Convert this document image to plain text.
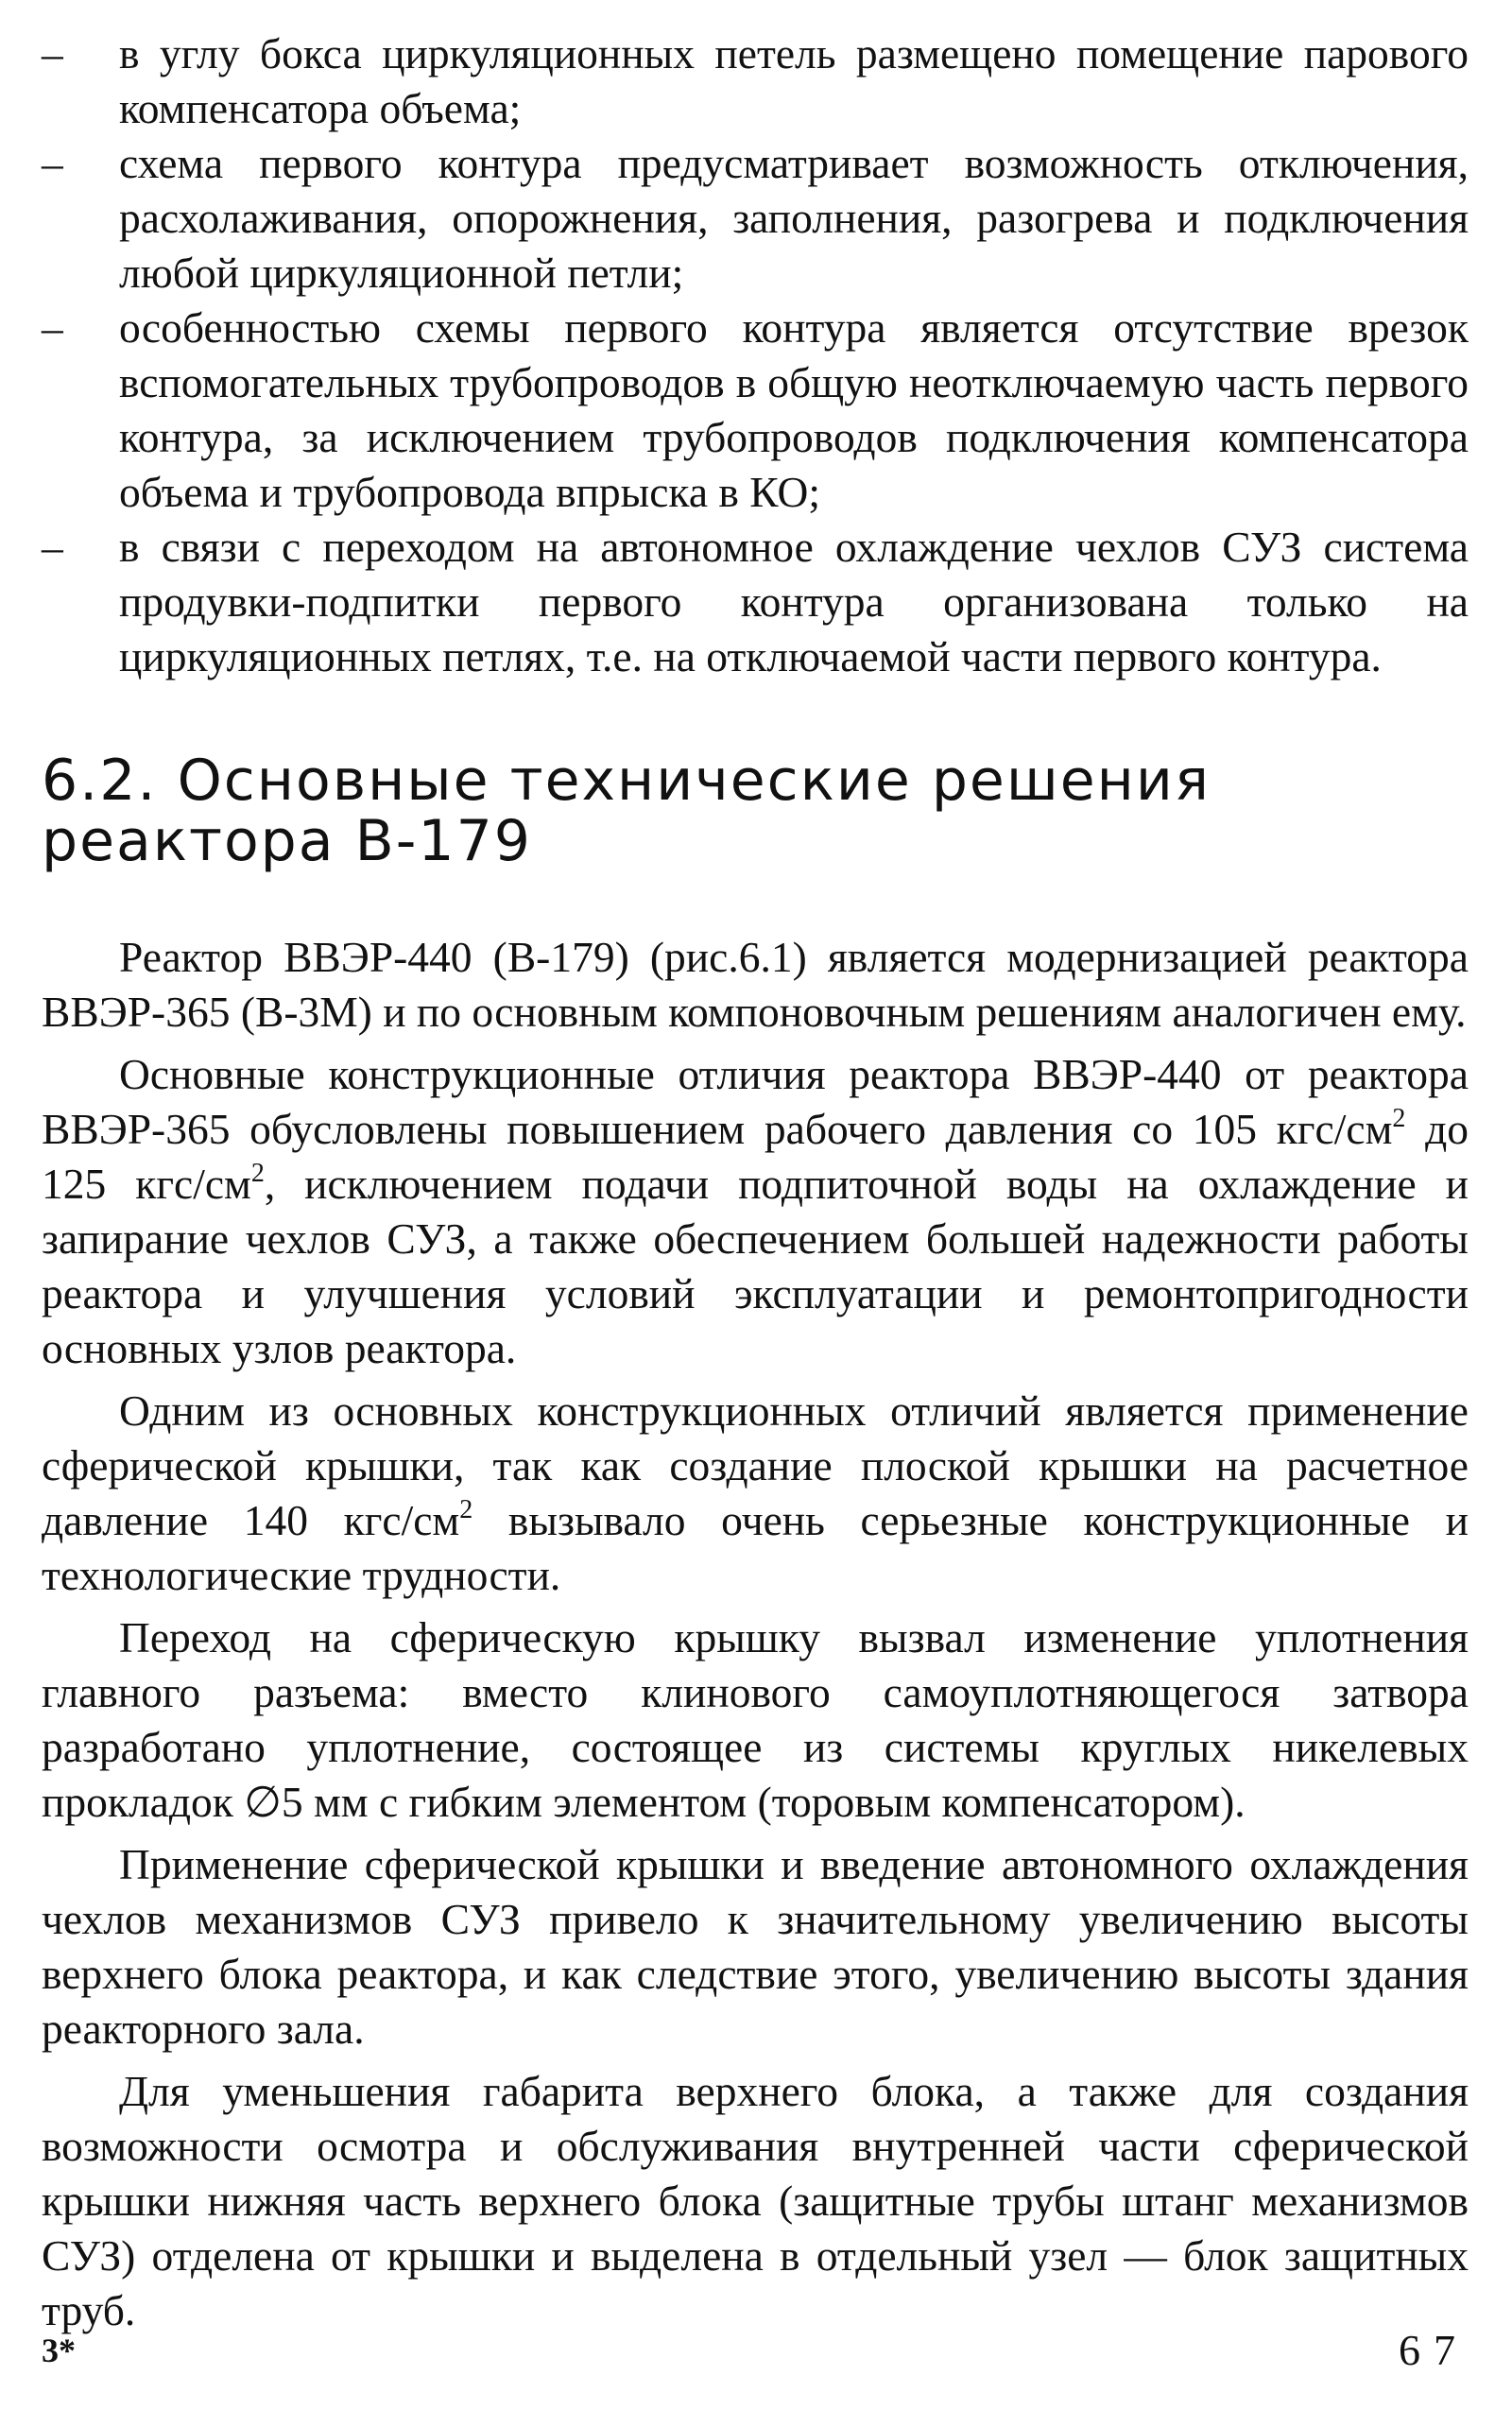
– в углу бокса циркуляционных петель размещено помещение парового компенсатора объема;
– схема первого контура предусматривает возможность отключения, расхолаживания, опорожнения, заполнения, разогрева и подключения любой циркуляционной петли;
– особенностью схемы первого контура является отсутствие врезок вспомогательных трубопроводов в общую неотключаемую часть первого контура, за исключением трубопроводов подключения компенсатора объема и трубопровода впрыска в КО;
– в связи с переходом на автономное охлаждение чехлов СУЗ система продувки-подпитки первого контура организована только на циркуляционных петлях, т.е. на отключаемой части первого контура.
6.2. Основные технические решения реактора В-179

Реактор ВВЭР-440 (В-179) (рис.6.1) является модернизацией реактора ВВЭР-365 (В-3М) и по основным компоновочным решениям аналогичен ему.

Основные конструкционные отличия реактора ВВЭР-440 от реактора ВВЭР-365 обусловлены повышением рабочего давления со 105 кгс/$см^2$ до 125 кгс/$см^2$, исключением подачи подпиточной воды на охлаждение и запирание чехлов СУЗ, а также обеспечением большей надежности работы реактора и улучшения условий эксплуатации и ремонтопригодности основных узлов реактора.

Одним из основных конструкционных отличий является применение сферической крышки, так как создание плоской крышки на расчетное давление 140 кгс/$см^2$ вызывало очень серьезные конструкционные и технологические трудности.

Переход на сферическую крышку вызвал изменение уплотнения главного разъема: вместо клинового самоуплотняющегося затвора разработано уплотнение, состоящее из системы круглых никелевых прокладок ∅5 мм с гибким элементом (торовым компенсатором).

Применение сферической крышки и введение автономного охлаждения чехлов механизмов СУЗ привело к значительному увеличению высоты верхнего блока реактора, и как следствие этого, увеличению высоты здания реакторного зала.

Для уменьшения габарита верхнего блока, а также для создания возможности осмотра и обслуживания внутренней части сферической крышки нижняя часть верхнего блока (защитные трубы штанг механизмов СУЗ) отделена от крышки и выделена в отдельный узел — блок защитных труб.

3*	67
